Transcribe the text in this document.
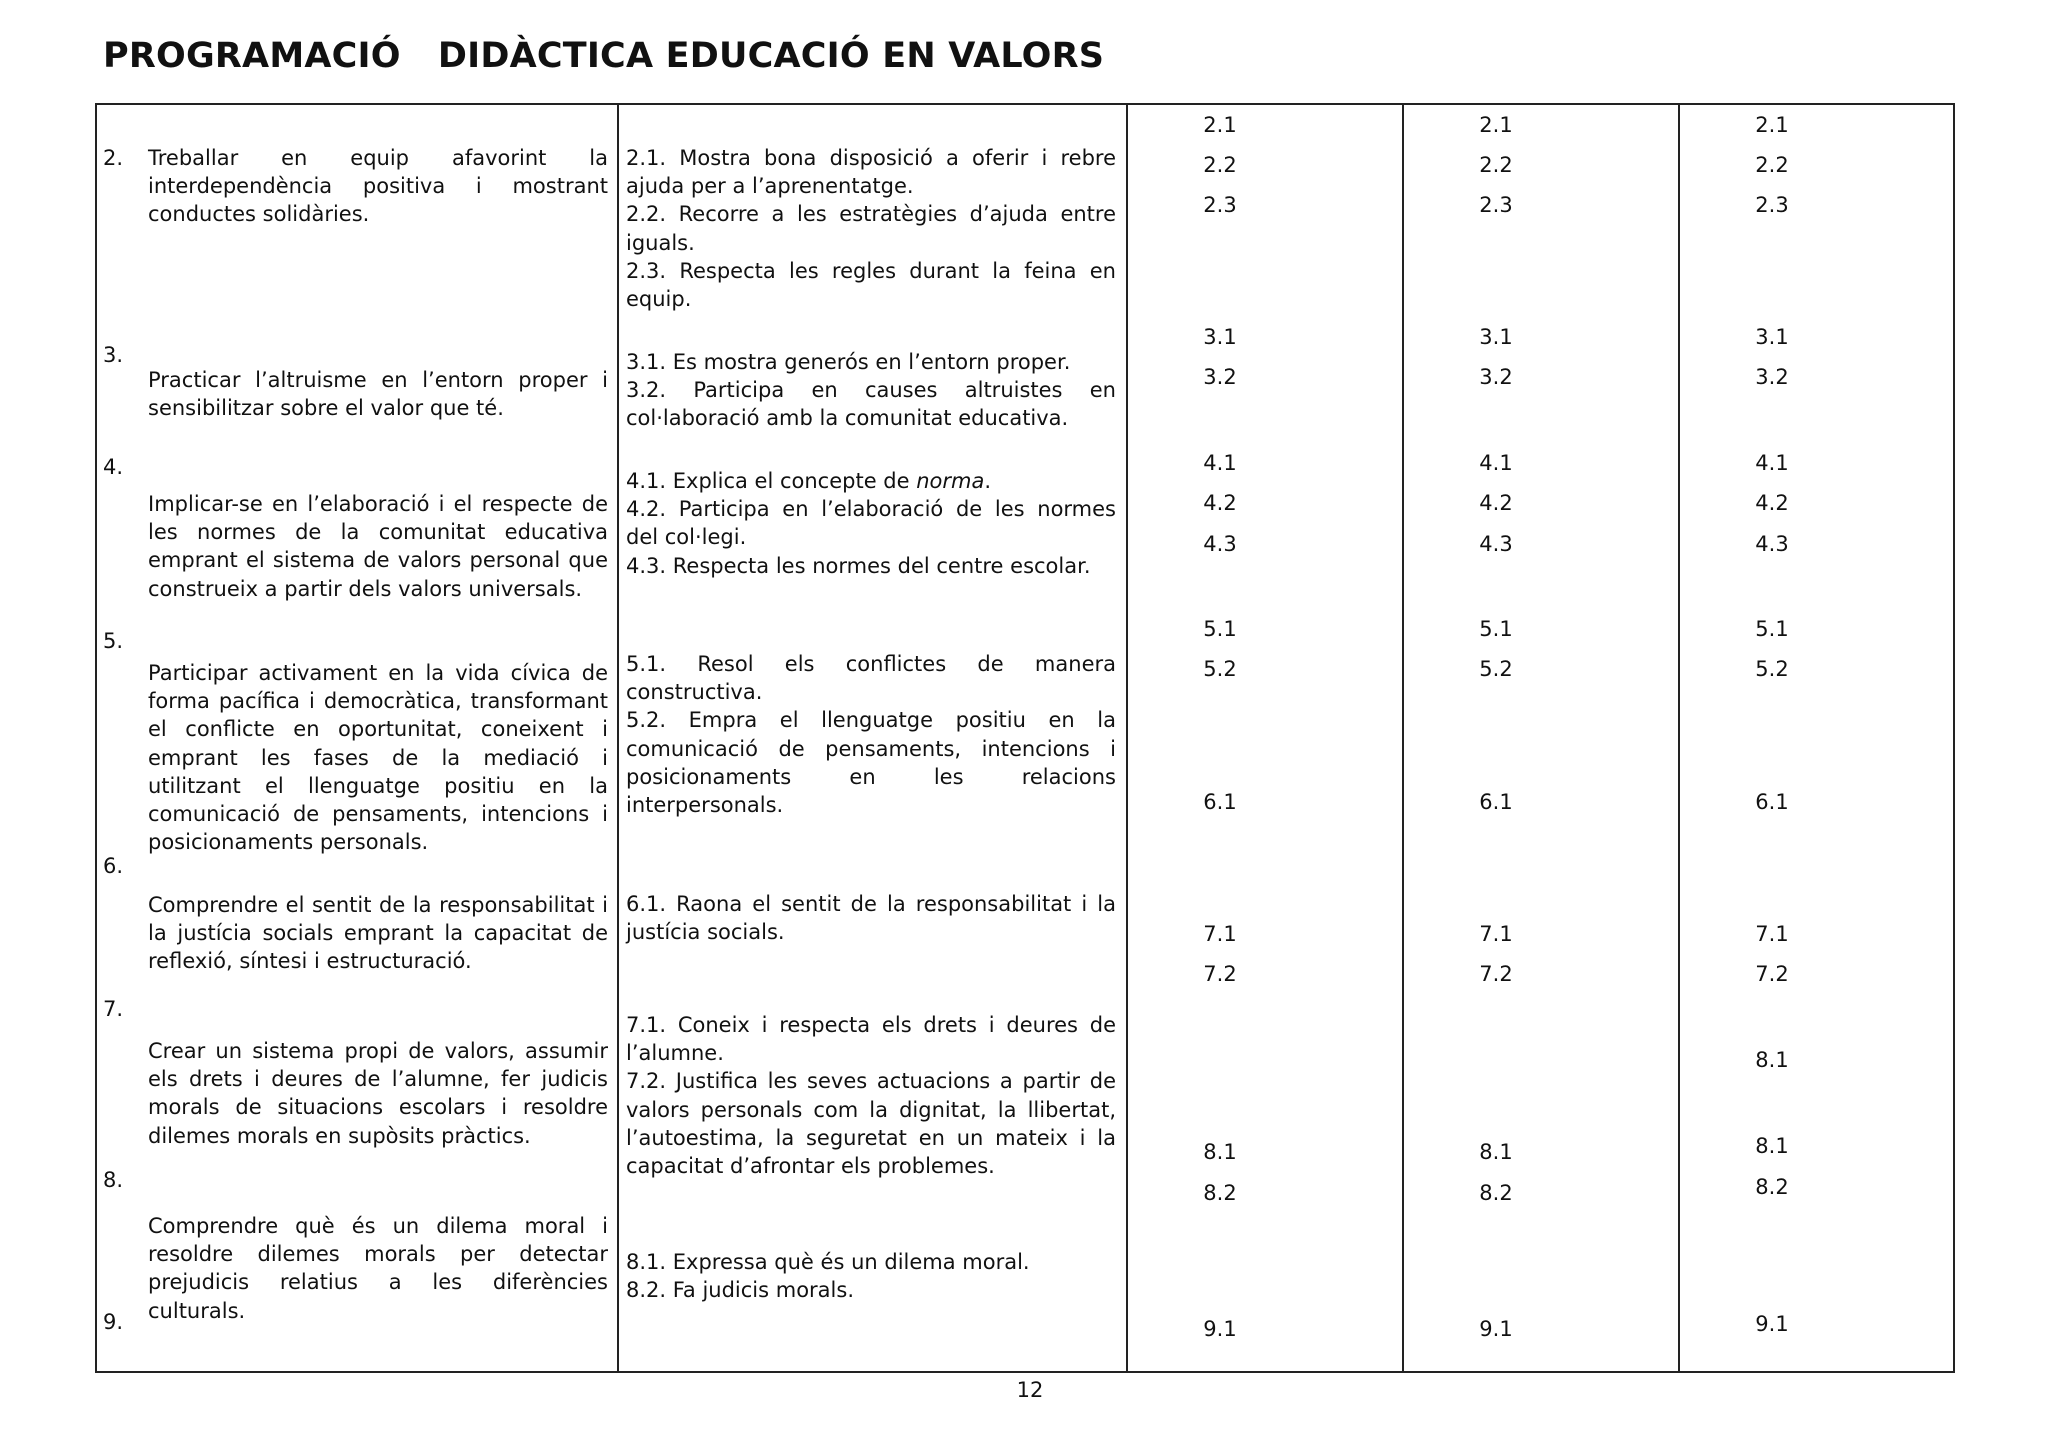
PROGRAMACIÓ   DIDÀCTICA EDUCACIÓ EN VALORS
2.
3.
4.
5.
6.
7.
8.
9.
Treballar en equip afavorint la interdependència positiva i mostrant conductes solidàries.
Practicar l’altruisme en l’entorn proper i sensibilitzar sobre el valor que té.
Implicar-se en l’elaboració i el respecte de les normes de la comunitat educativa emprant el sistema de valors personal que construeix a partir dels valors universals.
Participar activament en la vida cívica de forma pacífica i democràtica, transformant el conflicte en oportunitat, coneixent i emprant les fases de la mediació i utilitzant el llenguatge positiu en la comunicació de pensaments, intencions i posicionaments personals.
Comprendre el sentit de la responsabilitat i la justícia socials emprant la capacitat de reflexió, síntesi i estructuració.
Crear un sistema propi de valors, assumir els drets i deures de l’alumne, fer judicis morals de situacions escolars i resoldre dilemes morals en supòsits pràctics.
Comprendre què és un dilema moral i resoldre dilemes morals per detectar prejudicis relatius a les diferències culturals.
2.1. Mostra bona disposició a oferir i rebre ajuda per a l’aprenentatge.
2.2. Recorre a les estratègies d’ajuda entre iguals.
2.3. Respecta les regles durant la feina en equip.
3.1. Es mostra generós en l’entorn proper.
3.2. Participa en causes altruistes en col·laboració amb la comunitat educativa.
4.1. Explica el concepte de norma.
4.2. Participa en l’elaboració de les normes del col·legi.
4.3. Respecta les normes del centre escolar.
5.1. Resol els conflictes de manera constructiva.
5.2. Empra el llenguatge positiu en la comunicació de pensaments, intencions i posicionaments en les relacions interpersonals.
6.1. Raona el sentit de la responsabilitat i la justícia socials.
7.1. Coneix i respecta els drets i deures de l’alumne.
7.2. Justifica les seves actuacions a partir de valors personals com la dignitat, la llibertat, l’autoestima, la seguretat en un mateix i la capacitat d’afrontar els problemes.
8.1. Expressa què és un dilema moral.
8.2. Fa judicis morals.
2.1
2.2
2.3
3.1
3.2
4.1
4.2
4.3
5.1
5.2
6.1
7.1
7.2
8.1
8.2
9.1
2.1
2.2
2.3
3.1
3.2
4.1
4.2
4.3
5.1
5.2
6.1
7.1
7.2
8.1
8.2
9.1
2.1
2.2
2.3
3.1
3.2
4.1
4.2
4.3
5.1
5.2
6.1
7.1
7.2
8.1
8.1
8.2
9.1
12
